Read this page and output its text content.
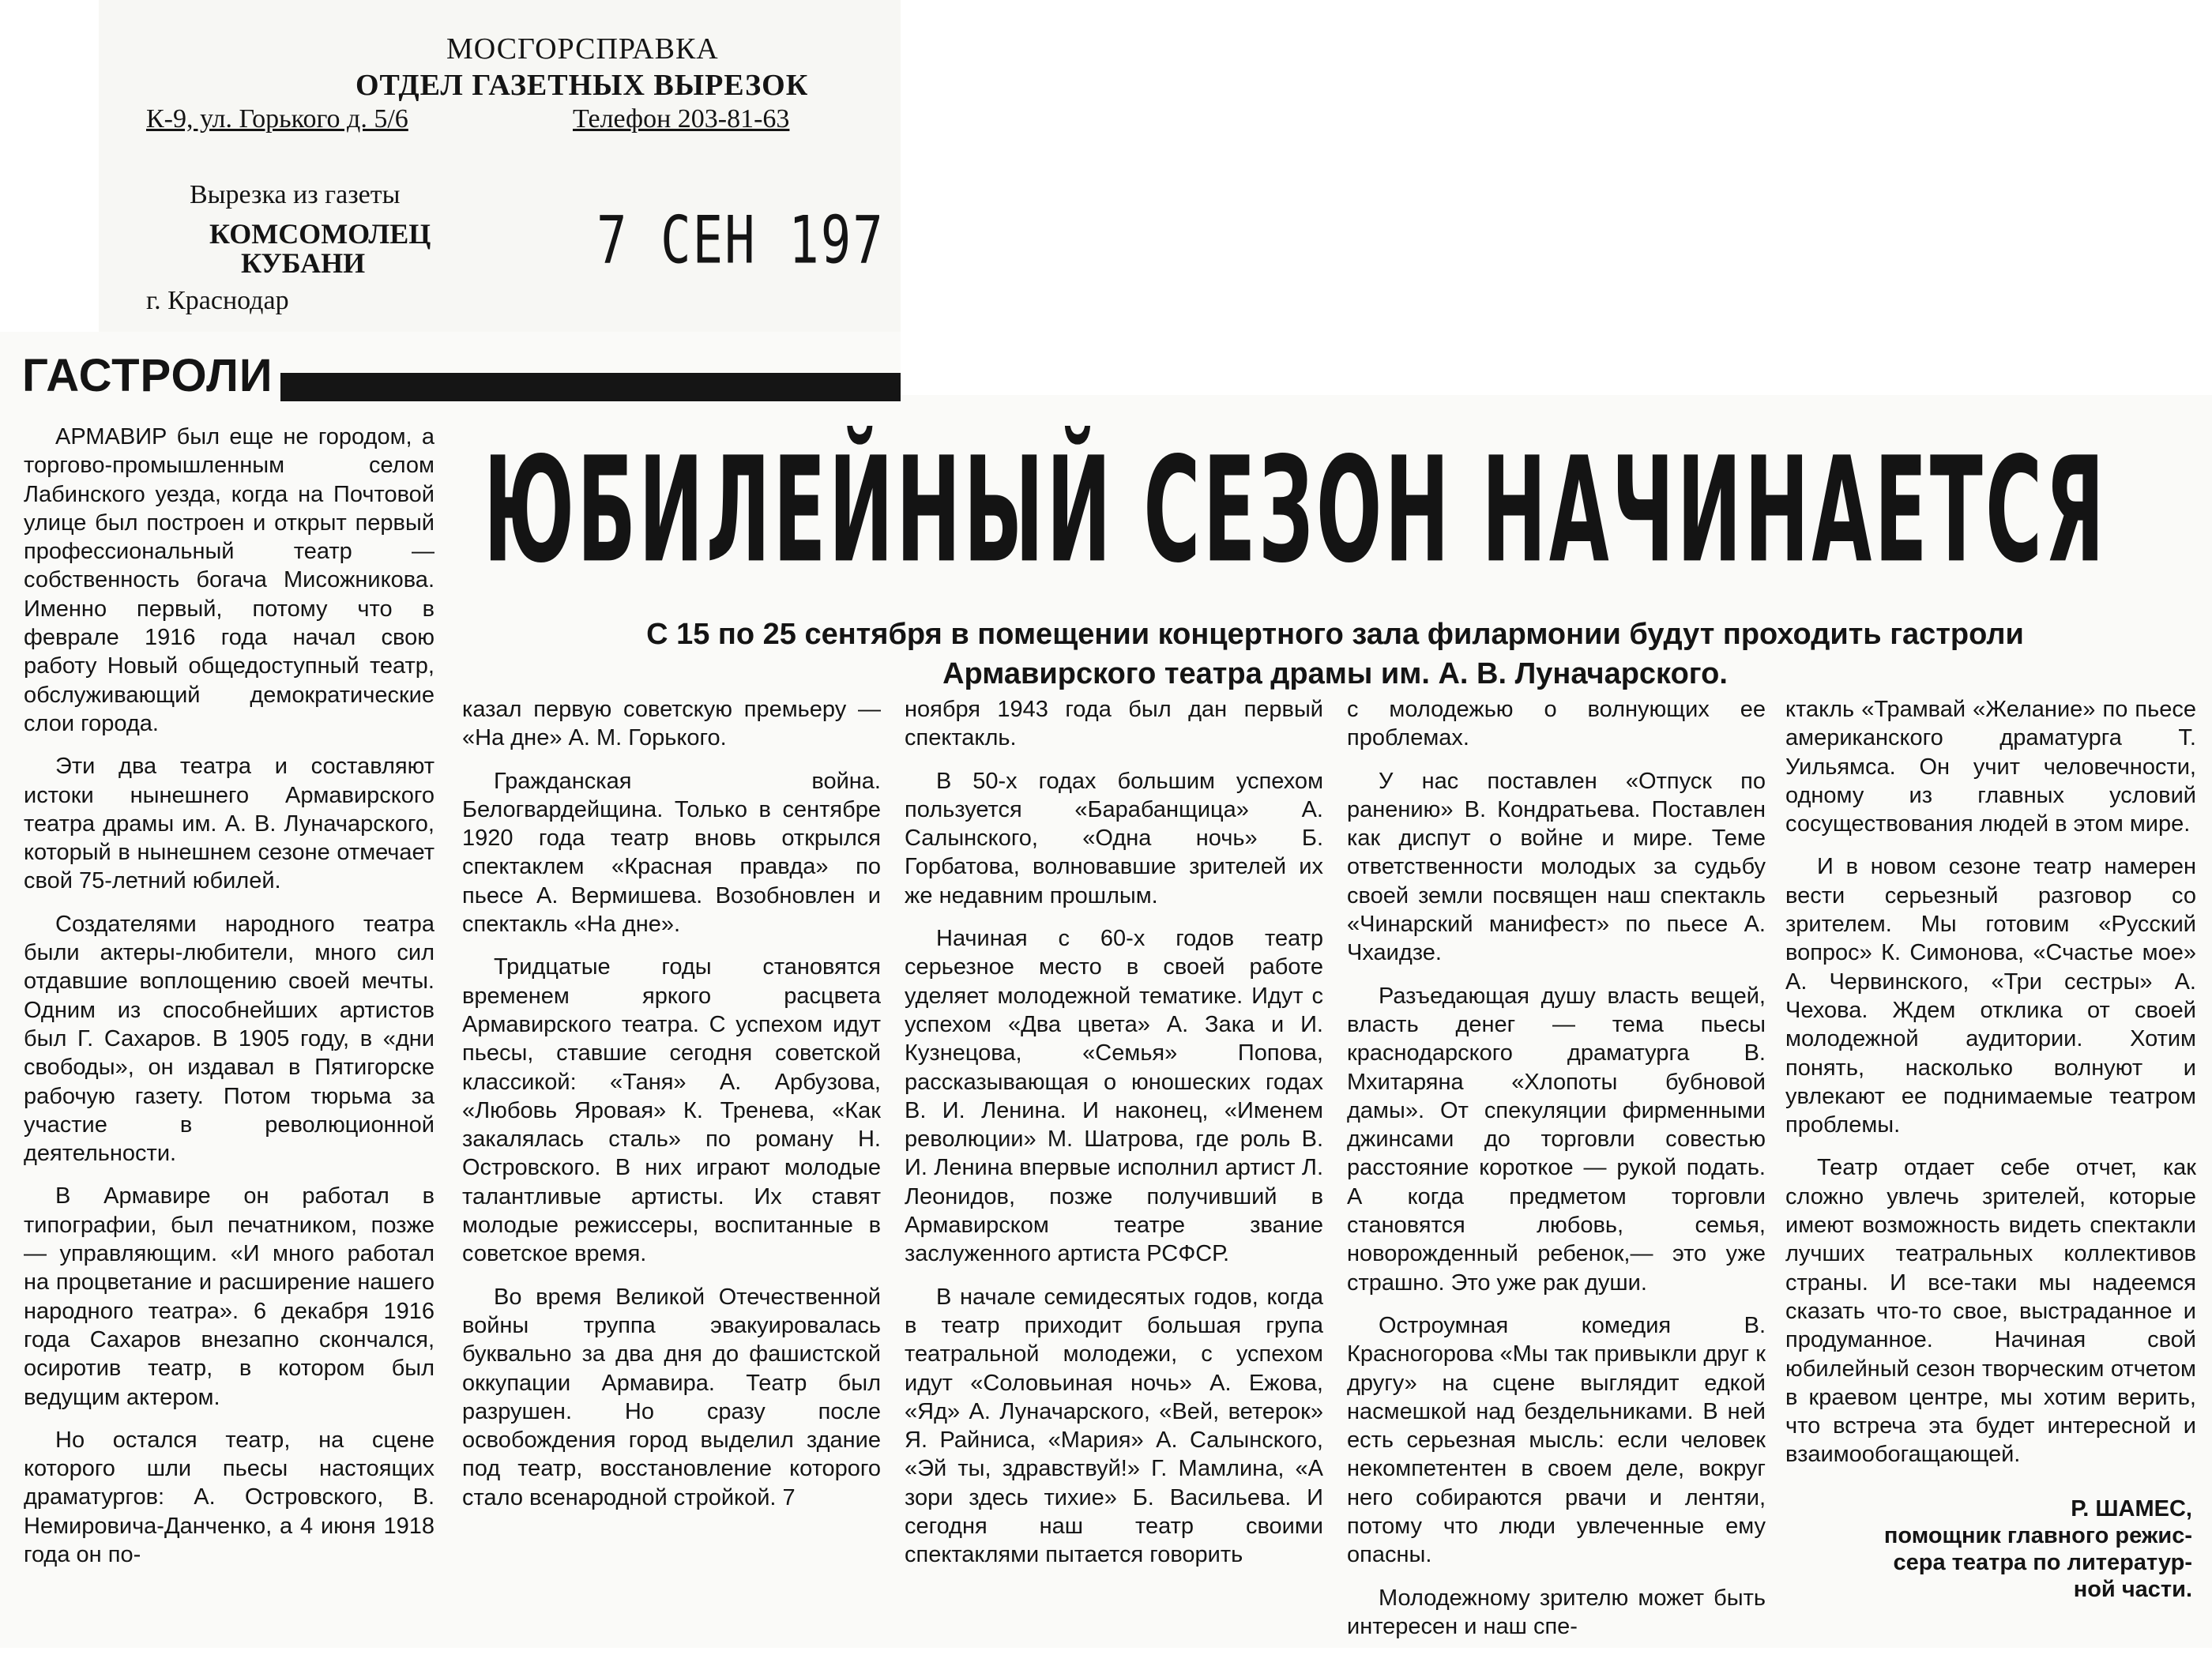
МОСГОРСПРАВКА
ОТДЕЛ ГАЗЕТНЫХ ВЫРЕЗОК
К-9, ул. Горького д. 5/6	Телефон 203-81-63
Вырезка из газеты
КОМСОМОЛЕЦ
КУБАНИ
г. Краснодар
7 СЕН 197
ГАСТРОЛИ
ЮБИЛЕЙНЫЙ СЕЗОН НАЧИНАЕТСЯ
С 15 по 25 сентября в помещении концертного зала филармонии будут проходить гастроли
Армавирского театра драмы им. А. В. Луначарского.

АРМАВИР был еще не городом, а торгово-промышленным селом Лабинского уезда, когда на Почтовой улице был построен и открыт первый профессиональный театр — собственность богача Мисожникова. Именно первый, потому что в феврале 1916 года начал свою работу Новый общедоступный театр, обслуживающий демократические слои города.

Эти два театра и составляют истоки нынешнего Армавирского театра драмы им. А. В. Луначарского, который в нынешнем сезоне отмечает свой 75-летний юбилей.

Создателями народного театра были актеры-любители, много сил отдавшие воплощению своей мечты. Одним из способнейших артистов был Г. Сахаров. В 1905 году, в «дни свободы», он издавал в Пятигорске рабочую газету. Потом тюрьма за участие в революционной деятельности.

В Армавире он работал в типографии, был печатником, позже — управляющим. «И много работал на процветание и расширение нашего народного театра». 6 декабря 1916 года Сахаров внезапно скончался, осиротив театр, в котором был ведущим актером.

Но остался театр, на сцене которого шли пьесы настоящих драматургов: А. Островского, В. Немировича-Данченко, а 4 июня 1918 года он по-

казал первую советскую премьеру — «На дне» А. М. Горького.

Гражданская война. Белогвардейщина. Только в сентябре 1920 года театр вновь открылся спектаклем «Красная правда» по пьесе А. Вермишева. Возобновлен и спектакль «На дне».

Тридцатые годы становятся временем яркого расцвета Армавирского театра. С успехом идут пьесы, ставшие сегодня советской классикой: «Таня» А. Арбузова, «Любовь Яровая» К. Тренева, «Как закалялась сталь» по роману Н. Островского. В них играют молодые талантливые артисты. Их ставят молодые режиссеры, воспитанные в советское время.

Во время Великой Отечественной войны труппа эвакуировалась буквально за два дня до фашистской оккупации Армавира. Театр был разрушен. Но сразу после освобождения город выделил здание под театр, восстановление которого стало всенародной стройкой. 7

ноября 1943 года был дан первый спектакль.

В 50-х годах большим успехом пользуется «Барабанщица» А. Салынского, «Одна ночь» Б. Горбатова, волновавшие зрителей их же недавним прошлым.

Начиная с 60-х годов театр серьезное место в своей работе уделяет молодежной тематике. Идут с успехом «Два цвета» А. Зака и И. Кузнецова, «Семья» Попова, рассказывающая о юношеских годах В. И. Ленина. И наконец, «Именем революции» М. Шатрова, где роль В. И. Ленина впервые исполнил артист Л. Леонидов, позже получивший в Армавирском театре звание заслуженного артиста РСФСР.

В начале семидесятых годов, когда в театр приходит большая група театральной молодежи, с успехом идут «Соловьиная ночь» А. Ежова, «Яд» А. Луначарского, «Вей, ветерок» Я. Райниса, «Мария» А. Салынского, «Эй ты, здравствуй!» Г. Мамлина, «А зори здесь тихие» Б. Васильева. И сегодня наш театр своими спектаклями пытается говорить

с молодежью о волнующих ее проблемах.

У нас поставлен «Отпуск по ранению» В. Кондратьева. Поставлен как диспут о войне и мире. Теме ответственности молодых за судьбу своей земли посвящен наш спектакль «Чинарский манифест» по пьесе А. Чхаидзе.

Разъедающая душу власть вещей, власть денег — тема пьесы краснодарского драматурга В. Мхитаряна «Хлопоты бубновой дамы». От спекуляции фирменными джинсами до торговли совестью расстояние короткое — рукой подать. А когда предметом торговли становятся любовь, семья, новорожденный ребенок,— это уже страшно. Это уже рак души.

Остроумная комедия В. Красногорова «Мы так привыкли друг к другу» на сцене выглядит едкой насмешкой над бездельниками. В ней есть серьезная мысль: если человек некомпетентен в своем деле, вокруг него собираются рвачи и лентяи, потому что люди увлеченные ему опасны.

Молодежному зрителю может быть интересен и наш спе-

ктакль «Трамвай «Желание» по пьесе американского драматурга Т. Уильямса. Он учит человечности, одному из главных условий сосуществования людей в этом мире.

И в новом сезоне театр намерен вести серьезный разговор со зрителем. Мы готовим «Русский вопрос» К. Симонова, «Счастье мое» А. Червинского, «Три сестры» А. Чехова. Ждем отклика от своей молодежной аудитории. Хотим понять, насколько волнуют и увлекают ее поднимаемые театром проблемы.

Театр отдает себе отчет, как сложно увлечь зрителей, которые имеют возможность видеть спектакли лучших театральных коллективов страны. И все-таки мы надеемся сказать что-то свое, выстраданное и продуманное. Начиная свой юбилейный сезон творческим отчетом в краевом центре, мы хотим верить, что встреча эта будет интересной и взаимообогащающей.

Р. ШАМЕС,
помощник главного режис-
сера театра по литератур-
ной части.
